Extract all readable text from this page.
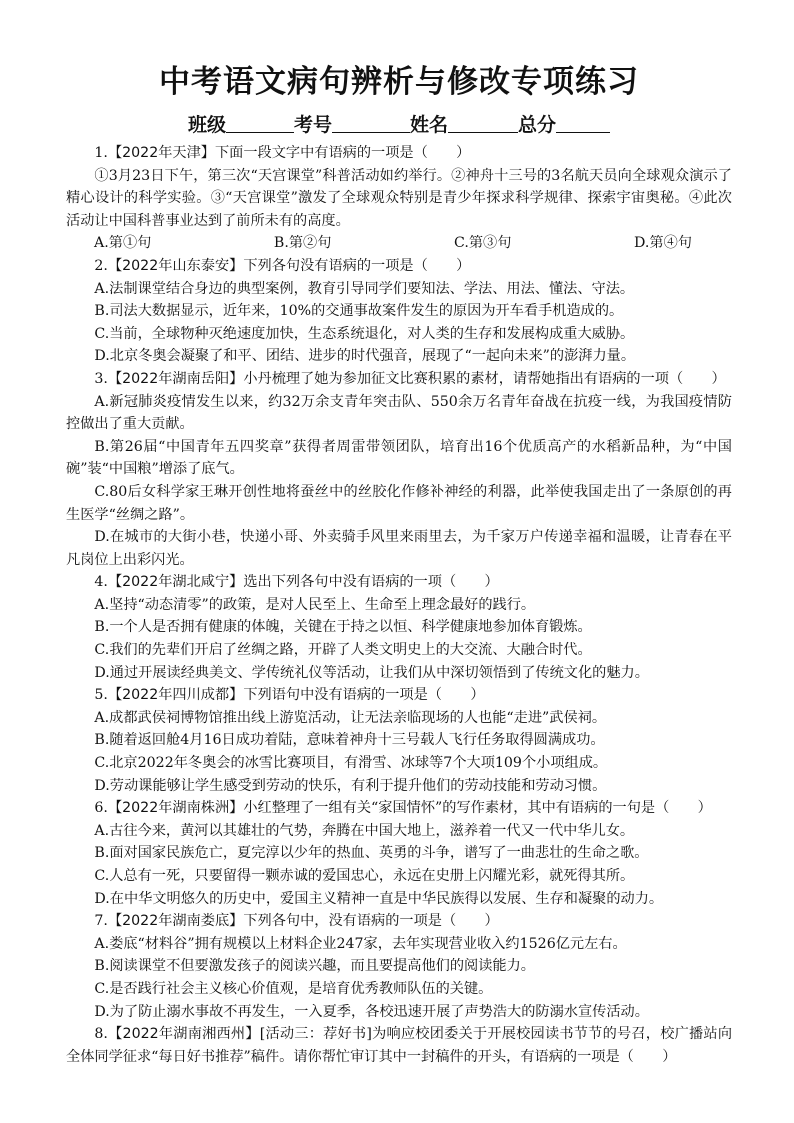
中考语文病句辨析与修改专项练习
班级	考号	姓名	总分

1.【2022年天津】下面一段文字中有语病的一项是（　　）

①3月23日下午，第三次“天宫课堂”科普活动如约举行。②神舟十三号的3名航天员向全球观众演示了精心设计的科学实验。③“天宫课堂”激发了全球观众特别是青少年探求科学规律、探索宇宙奥秘。④此次活动让中国科普事业达到了前所未有的高度。

A.第①句	B.第②句	C.第③句	D.第④句

2.【2022年山东泰安】下列各句没有语病的一项是（　　）

A.法制课堂结合身边的典型案例，教育引导同学们要知法、学法、用法、懂法、守法。

B.司法大数据显示，近年来，10%的交通事故案件发生的原因为开车看手机造成的。

C.当前，全球物种灭绝速度加快，生态系统退化，对人类的生存和发展构成重大威胁。

D.北京冬奥会凝聚了和平、团结、进步的时代强音，展现了“一起向未来”的澎湃力量。

3.【2022年湖南岳阳】小丹梳理了她为参加征文比赛积累的素材，请帮她指出有语病的一项（　　）

A.新冠肺炎疫情发生以来，约32万余支青年突击队、550余万名青年奋战在抗疫一线，为我国疫情防控做出了重大贡献。

B.第26届“中国青年五四奖章”获得者周雷带领团队，培育出16个优质高产的水稻新品种，为“中国碗”装“中国粮”增添了底气。

C.80后女科学家王琳开创性地将蚕丝中的丝胶化作修补神经的利器，此举使我国走出了一条原创的再生医学“丝绸之路”。

D.在城市的大街小巷，快递小哥、外卖骑手风里来雨里去，为千家万户传递幸福和温暖，让青春在平凡岗位上出彩闪光。

4.【2022年湖北咸宁】选出下列各句中没有语病的一项（　　）

A.坚持“动态清零”的政策，是对人民至上、生命至上理念最好的践行。

B.一个人是否拥有健康的体魄，关键在于持之以恒、科学健康地参加体育锻炼。

C.我们的先辈们开启了丝绸之路，开辟了人类文明史上的大交流、大融合时代。

D.通过开展读经典美文、学传统礼仪等活动，让我们从中深切领悟到了传统文化的魅力。

5.【2022年四川成都】下列语句中没有语病的一项是（　　）

A.成都武侯祠博物馆推出线上游览活动，让无法亲临现场的人也能“走进”武侯祠。

B.随着返回舱4月16日成功着陆，意味着神舟十三号载人飞行任务取得圆满成功。

C.北京2022年冬奥会的冰雪比赛项目，有滑雪、冰球等7个大项109个小项组成。

D.劳动课能够让学生感受到劳动的快乐，有利于提升他们的劳动技能和劳动习惯。

6.【2022年湖南株洲】小红整理了一组有关“家国情怀”的写作素材，其中有语病的一句是（　　）

A.古往今来，黄河以其雄壮的气势，奔腾在中国大地上，滋养着一代又一代中华儿女。

B.面对国家民族危亡，夏完淳以少年的热血、英勇的斗争，谱写了一曲悲壮的生命之歌。

C.人总有一死，只要留得一颗赤诚的爱国忠心，永远在史册上闪耀光彩，就死得其所。

D.在中华文明悠久的历史中，爱国主义精神一直是中华民族得以发展、生存和凝聚的动力。

7.【2022年湖南娄底】下列各句中，没有语病的一项是（　　）

A.娄底“材料谷”拥有规模以上材料企业247家，去年实现营业收入约1526亿元左右。

B.阅读课堂不但要激发孩子的阅读兴趣，而且要提高他们的阅读能力。

C.是否践行社会主义核心价值观，是培育优秀教师队伍的关键。

D.为了防止溺水事故不再发生，一入夏季，各校迅速开展了声势浩大的防溺水宣传活动。

8.【2022年湖南湘西州】[活动三：荐好书]为响应校团委关于开展校园读书节节的号召，校广播站向全体同学征求“每日好书推荐”稿件。请你帮忙审订其中一封稿件的开头，有语病的一项是（　　）
